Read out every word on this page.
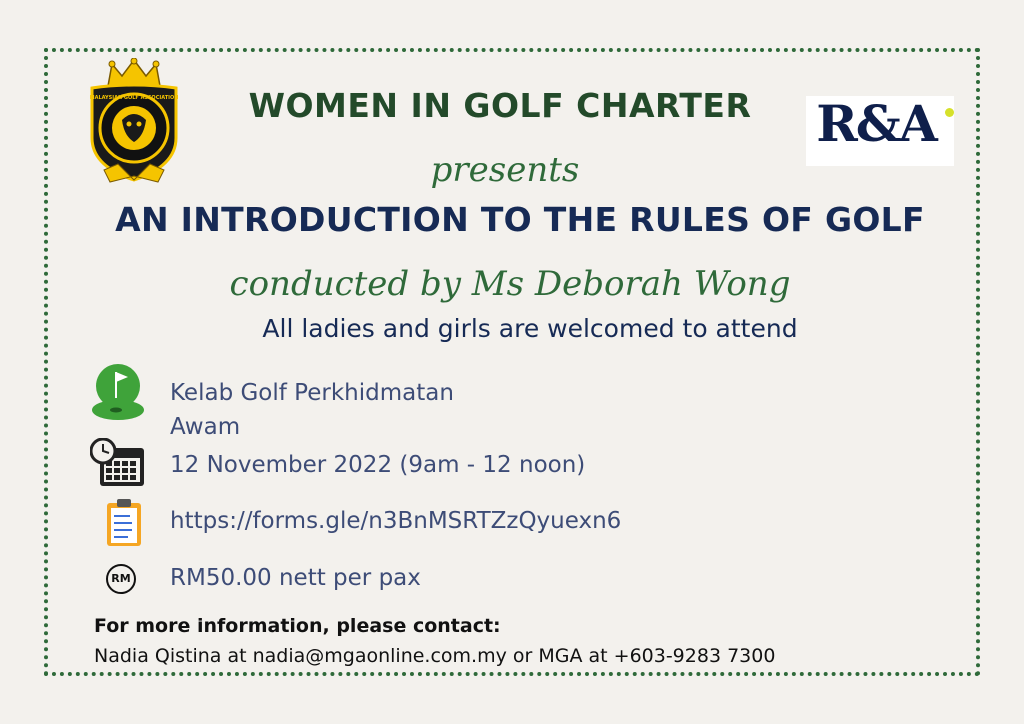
MALAYSIAN GOLF ASSOCIATION	R&A
WOMEN IN GOLF CHARTER
presents
AN INTRODUCTION TO THE RULES OF GOLF
conducted by Ms Deborah Wong
All ladies and girls are welcomed to attend
Kelab Golf Perkhidmatan
Awam
12 November 2022 (9am - 12 noon)
https://forms.gle/n3BnMSRTZzQyuexn6
RM RM50.00 nett per pax
For more information, please contact:
Nadia Qistina at nadia@mgaonline.com.my or MGA at +603-9283 7300
